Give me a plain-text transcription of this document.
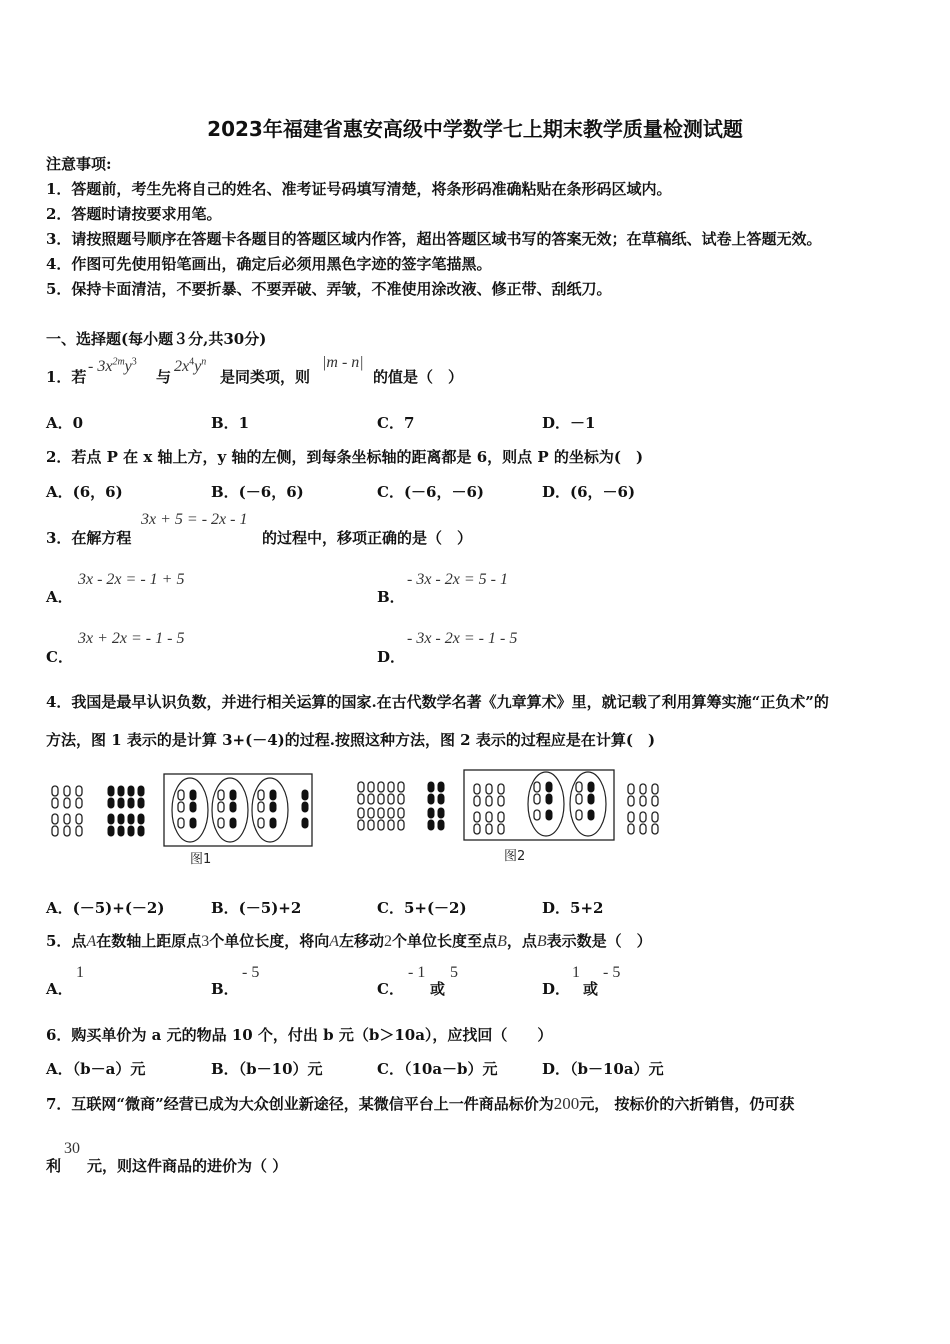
2023年福建省惠安高级中学数学七上期末教学质量检测试题
注意事项:
1．答题前，考生先将自己的姓名、准考证号码填写清楚，将条形码准确粘贴在条形码区域内。
2．答题时请按要求用笔。
3．请按照题号顺序在答题卡各题目的答题区域内作答，超出答题区域书写的答案无效；在草稿纸、试卷上答题无效。
4．作图可先使用铅笔画出，确定后必须用黑色字迹的签字笔描黑。
5．保持卡面清洁，不要折暴、不要弄破、弄皱，不准使用涂改液、修正带、刮纸刀。
一、选择题(每小题３分,共30分)
1．若
- $3x^{2m}y^3$
与
$2x^4y^n$
是同类项，则
|m - n|
的值是（　）
A．0	B．1	C．7	D．－1
2．若点 P 在 x 轴上方，y 轴的左侧，到每条坐标轴的距离都是 6，则点 P 的坐标为(　)
A．(6，6)	B．(－6，6)	C．(－6，－6)	D．(6，－6)
3．在解方程
3x + 5 = - 2x - 1
的过程中，移项正确的是（　）
A．
3x - 2x = - 1 + 5
B．
- 3x - 2x = 5 - 1
C．
3x + 2x = - 1 - 5
D．
- 3x - 2x = - 1 - 5
4．我国是最早认识负数，并进行相关运算的国家.在古代数学名著《九章算术》里，就记载了利用算筹实施“正负术”的
方法，图 1 表示的是计算 3+(－4)的过程.按照这种方法，图 2 表示的过程应是在计算(　)
图1	图2
A．(－5)+(－2)	B．(－5)+2	C．5+(－2)	D．5+2
5．点A在数轴上距原点3个单位长度，将向A左移动2个单位长度至点B，点B表示数是（　）
A．
1
B．
- 5
C．
- 1
或
5
D．
1
或
- 5
6．购买单价为 a 元的物品 10 个，付出 b 元（b＞10a），应找回（　　）
A．（b－a）元	B．（b－10）元	C．（10a－b）元	D．（b－10a）元
7．互联网“微商”经营已成为大众创业新途径，某微信平台上一件商品标价为200元， 按标价的六折销售，仍可获
利
30
元，则这件商品的进价为（ ）
